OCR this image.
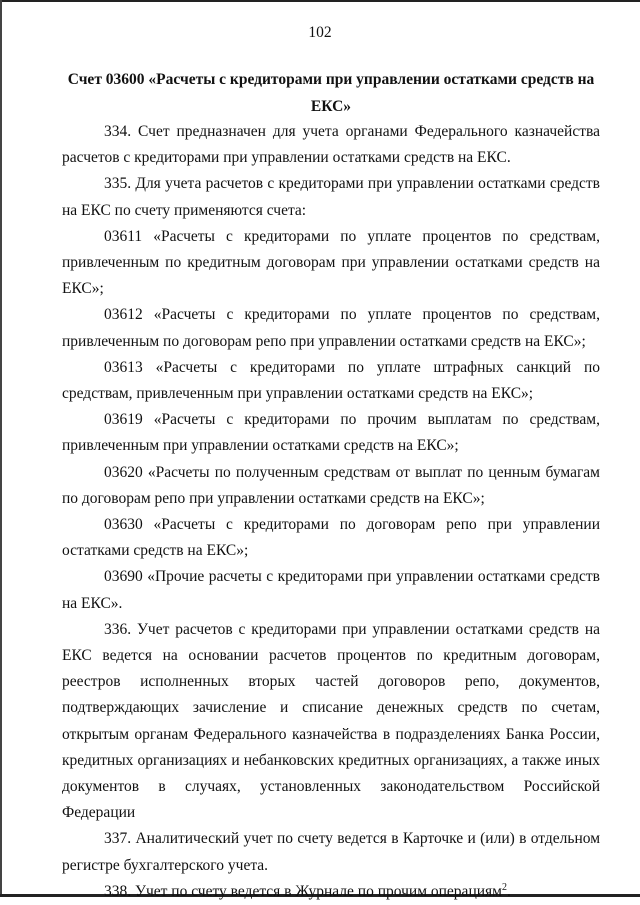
102
Счет 03600 «Расчеты с кредиторами при управлении остатками средств на ЕКС»

334. Счет предназначен для учета органами Федерального казначейства расчетов с кредиторами при управлении остатками средств на ЕКС.

335. Для учета расчетов с кредиторами при управлении остатками средств на ЕКС по счету применяются счета:

03611 «Расчеты с кредиторами по уплате процентов по средствам, привлеченным по кредитным договорам при управлении остатками средств на ЕКС»;

03612 «Расчеты с кредиторами по уплате процентов по средствам, привлеченным по договорам репо при управлении остатками средств на ЕКС»;

03613 «Расчеты с кредиторами по уплате штрафных санкций по средствам, привлеченным при управлении остатками средств на ЕКС»;

03619 «Расчеты с кредиторами по прочим выплатам по средствам, привлеченным при управлении остатками средств на ЕКС»;

03620 «Расчеты по полученным средствам от выплат по ценным бумагам по договорам репо при управлении остатками средств на ЕКС»;

03630 «Расчеты с кредиторами по договорам репо при управлении остатками средств на ЕКС»;

03690 «Прочие расчеты с кредиторами при управлении остатками средств на ЕКС».

336. Учет расчетов с кредиторами при управлении остатками средств на ЕКС ведется на основании расчетов процентов по кредитным договорам, реестров исполненных вторых частей договоров репо, документов, подтверждающих зачисление и списание денежных средств по счетам, открытым органам Федерального казначейства в подразделениях Банка России, кредитных организациях и небанковских кредитных организациях, а также иных документов в случаях, установленных законодательством Российской Федерации

337. Аналитический учет по счету ведется в Карточке и (или) в отдельном регистре бухгалтерского учета.

338. Учет по счету ведется в Журнале по прочим операциям$^2$.
